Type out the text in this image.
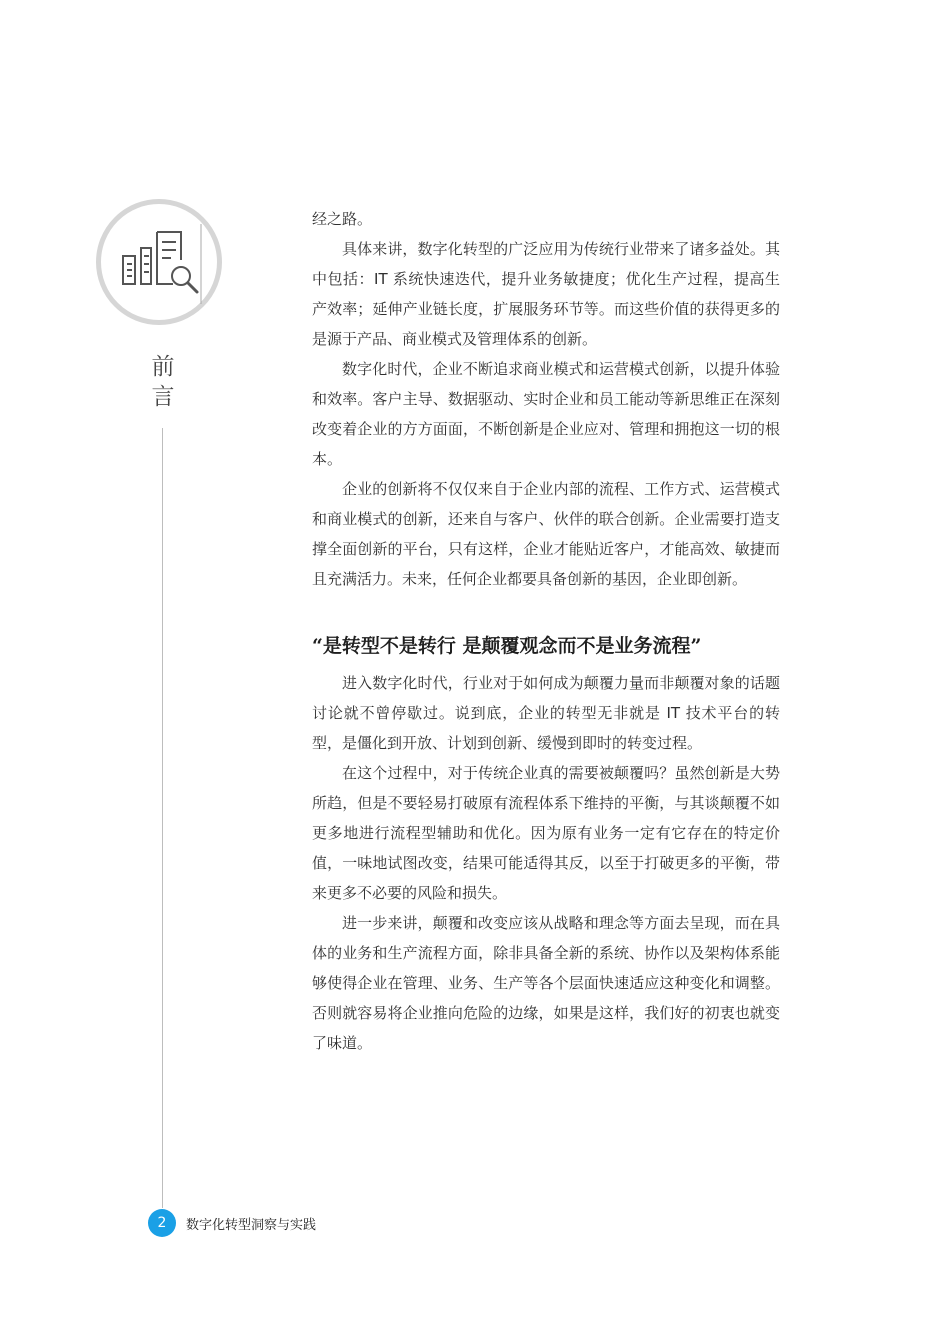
前
言

经之路。

具体来讲，数字化转型的广泛应用为传统行业带来了诸多益处。其中包括：IT 系统快速迭代，提升业务敏捷度；优化生产过程，提高生产效率；延伸产业链长度，扩展服务环节等。而这些价值的获得更多的是源于产品、商业模式及管理体系的创新。

数字化时代，企业不断追求商业模式和运营模式创新，以提升体验和效率。客户主导、数据驱动、实时企业和员工能动等新思维正在深刻改变着企业的方方面面，不断创新是企业应对、管理和拥抱这一切的根本。

企业的创新将不仅仅来自于企业内部的流程、工作方式、运营模式和商业模式的创新，还来自与客户、伙伴的联合创新。企业需要打造支撑全面创新的平台，只有这样，企业才能贴近客户，才能高效、敏捷而且充满活力。未来，任何企业都要具备创新的基因，企业即创新。

“是转型不是转行 是颠覆观念而不是业务流程”

进入数字化时代，行业对于如何成为颠覆力量而非颠覆对象的话题讨论就不曾停歇过。说到底，企业的转型无非就是 IT 技术平台的转型，是僵化到开放、计划到创新、缓慢到即时的转变过程。

在这个过程中，对于传统企业真的需要被颠覆吗？虽然创新是大势所趋，但是不要轻易打破原有流程体系下维持的平衡，与其谈颠覆不如更多地进行流程型辅助和优化。因为原有业务一定有它存在的特定价值，一味地试图改变，结果可能适得其反，以至于打破更多的平衡，带来更多不必要的风险和损失。

进一步来讲，颠覆和改变应该从战略和理念等方面去呈现，而在具体的业务和生产流程方面，除非具备全新的系统、协作以及架构体系能够使得企业在管理、业务、生产等各个层面快速适应这种变化和调整。否则就容易将企业推向危险的边缘，如果是这样，我们好的初衷也就变了味道。

2	数字化转型洞察与实践
